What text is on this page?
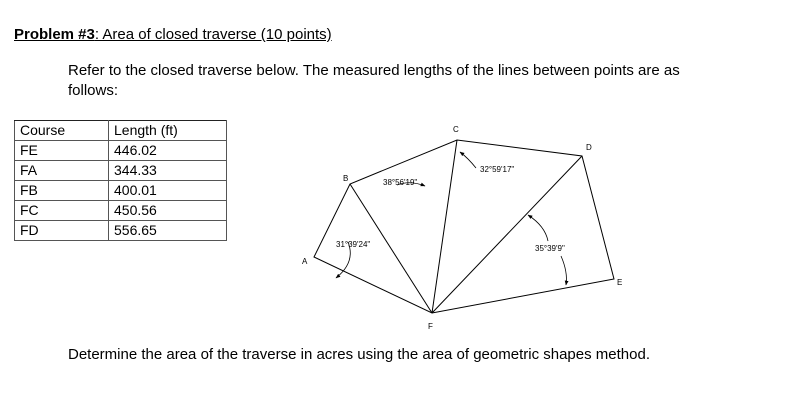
Problem #3: Area of closed traverse (10 points)
Refer to the closed traverse below. The measured lengths of the lines between points are as follows:
Course	Length (ft)
FE	446.02
FA	344.33
FB	400.01
FC	450.56
FD	556.65
A
B
C
D
E
F
31°39'24"
38°56'19"
32°59'17"
35°39'9"
Determine the area of the traverse in acres using the area of geometric shapes method.
